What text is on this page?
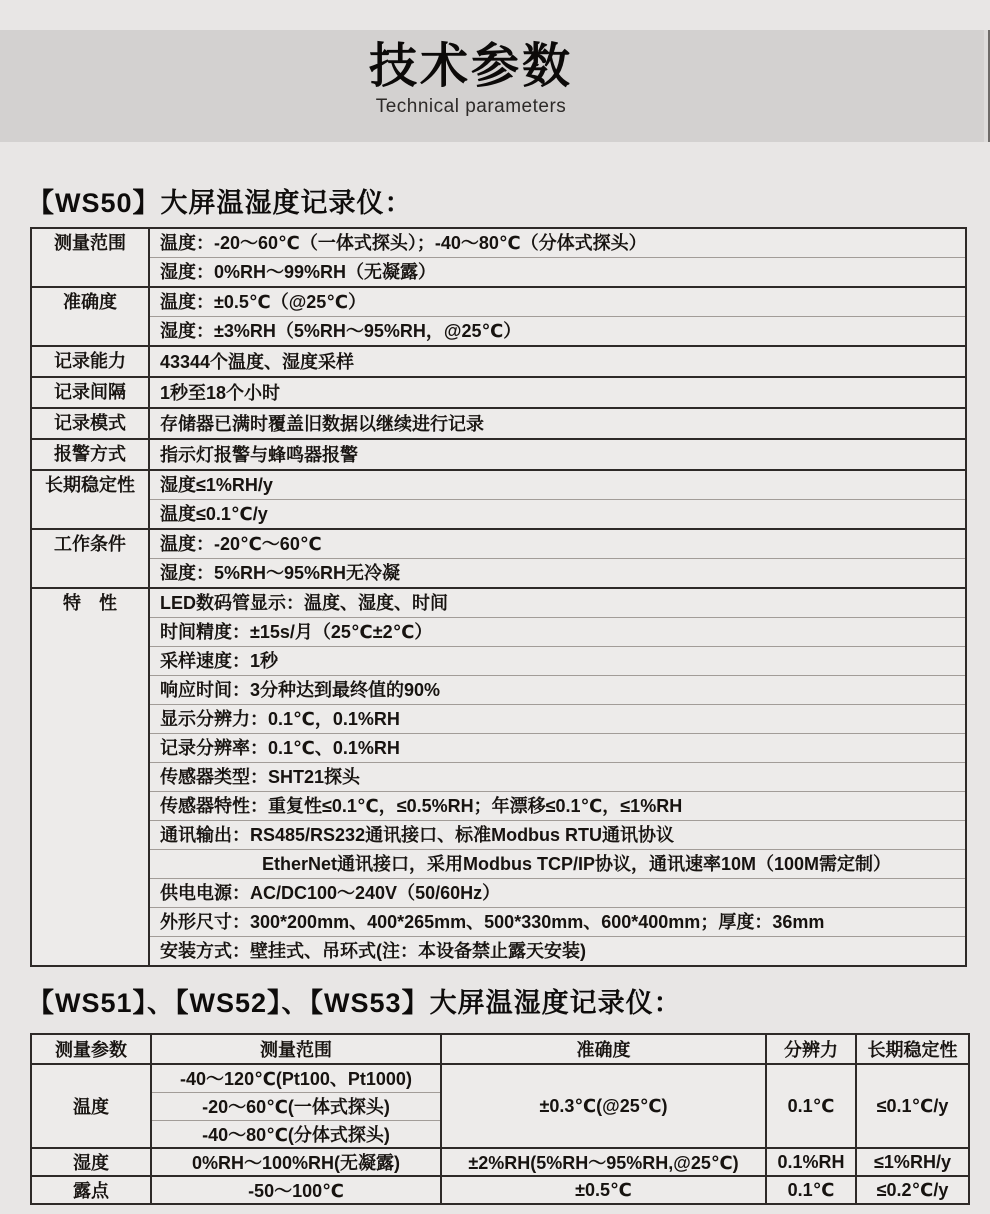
技术参数
Technical parameters
【WS50】大屏温湿度记录仪：
测量范围	温度：-20～60℃（一体式探头）；-40～80℃（分体式探头）
	湿度：0%RH～99%RH（无凝露）
准确度	温度：±0.5℃（@25℃）
	湿度：±3%RH（5%RH～95%RH，@25℃）
记录能力	43344个温度、湿度采样
记录间隔	1秒至18个小时
记录模式	存储器已满时覆盖旧数据以继续进行记录
报警方式	指示灯报警与蜂鸣器报警
长期稳定性	湿度≤1%RH/y
	温度≤0.1℃/y
工作条件	温度：-20℃～60℃
	湿度：5%RH～95%RH无冷凝
特　性	LED数码管显示：温度、湿度、时间
	时间精度：±15s/月（25℃±2℃）
	采样速度：1秒
	响应时间：3分种达到最终值的90%
	显示分辨力：0.1℃，0.1%RH
	记录分辨率：0.1℃、0.1%RH
	传感器类型：SHT21探头
	传感器特性：重复性≤0.1℃，≤0.5%RH；年漂移≤0.1℃，≤1%RH
	通讯输出：RS485/RS232通讯接口、标准Modbus RTU通讯协议
	EtherNet通讯接口，采用Modbus TCP/IP协议，通讯速率10M（100M需定制）
	供电电源：AC/DC100～240V（50/60Hz）
	外形尺寸：300*200mm、400*265mm、500*330mm、600*400mm；厚度：36mm
	安装方式：壁挂式、吊环式(注：本设备禁止露天安装)
【WS51】、【WS52】、【WS53】大屏温湿度记录仪：
测量参数	测量范围	准确度	分辨力	长期稳定性
温度	-40～120℃(Pt100、Pt1000)	±0.3℃(@25℃)	0.1℃	≤0.1℃/y
	-20～60℃(一体式探头)			
	-40～80℃(分体式探头)			
湿度	0%RH～100%RH(无凝露)	±2%RH(5%RH～95%RH,@25℃)	0.1%RH	≤1%RH/y
露点	-50～100℃	±0.5℃	0.1℃	≤0.2℃/y
